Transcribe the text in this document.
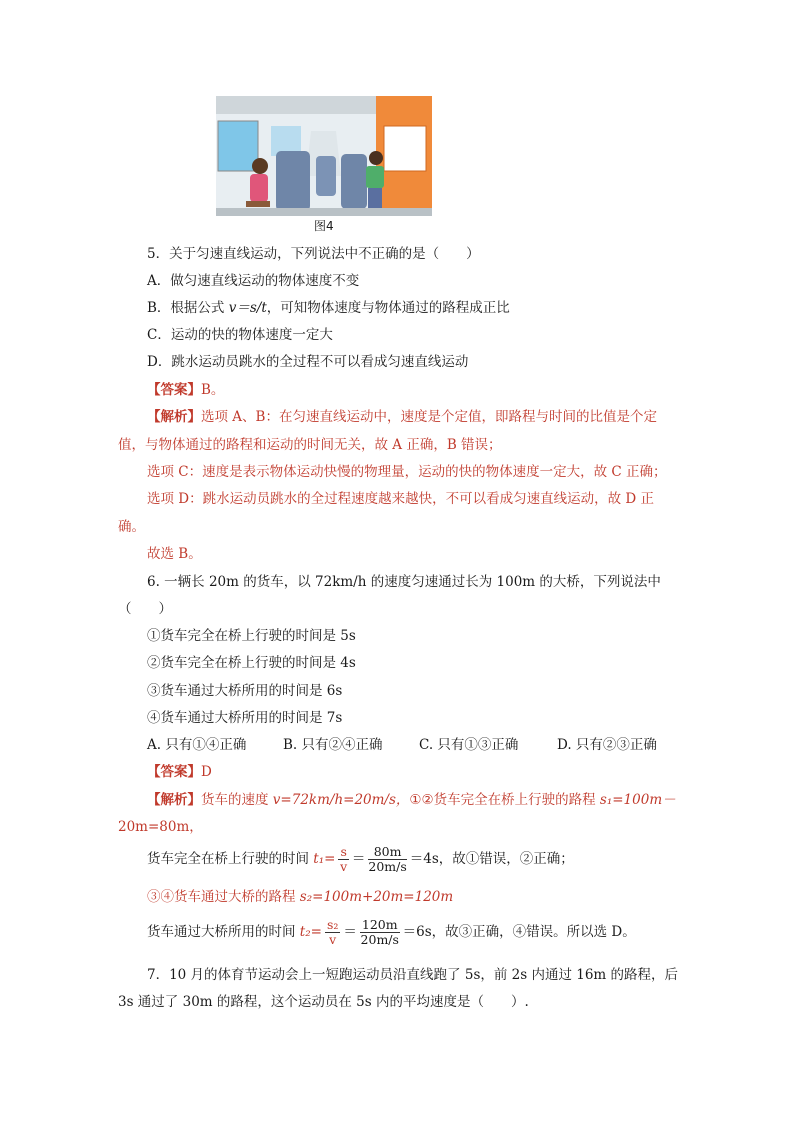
图4
5．关于匀速直线运动，下列说法中不正确的是（　　）
A．做匀速直线运动的物体速度不变
B．根据公式 v＝s/t，可知物体速度与物体通过的路程成正比
C．运动的快的物体速度一定大
D．跳水运动员跳水的全过程不可以看成匀速直线运动
【答案】B。
【解析】选项 A、B：在匀速直线运动中，速度是个定值，即路程与时间的比值是个定
值，与物体通过的路程和运动的时间无关，故 A 正确，B 错误；
选项 C：速度是表示物体运动快慢的物理量，运动的快的物体速度一定大，故 C 正确；
选项 D：跳水运动员跳水的全过程速度越来越快，不可以看成匀速直线运动，故 D 正
确。
故选 B。
6. 一辆长 20m 的货车，以 72km/h 的速度匀速通过长为 100m 的大桥，下列说法中
（　　）
①货车完全在桥上行驶的时间是 5s
②货车完全在桥上行驶的时间是 4s
③货车通过大桥所用的时间是 6s
④货车通过大桥所用的时间是 7s
A. 只有①④正确	B. 只有②④正确	C. 只有①③正确	D. 只有②③正确
【答案】D
【解析】货车的速度 v=72km/h=20m/s，①②货车完全在桥上行驶的路程 s₁=100m－
20m=80m，
货车完全在桥上行驶的时间 $t_1= \frac{s}{v} = \frac{80m}{20m/s} =4s$，故①错误，②正确；
③④货车通过大桥的路程 s₂=100m+20m=120m
货车通过大桥所用的时间 $t_2= \frac{\text{s₂}}{v} = \frac{120m}{20m/s} =6s$，故③正确，④错误。所以选 D。
7．10 月的体育节运动会上一短跑运动员沿直线跑了 5s，前 2s 内通过 16m 的路程，后
3s 通过了 30m 的路程，这个运动员在 5s 内的平均速度是（　　）.
